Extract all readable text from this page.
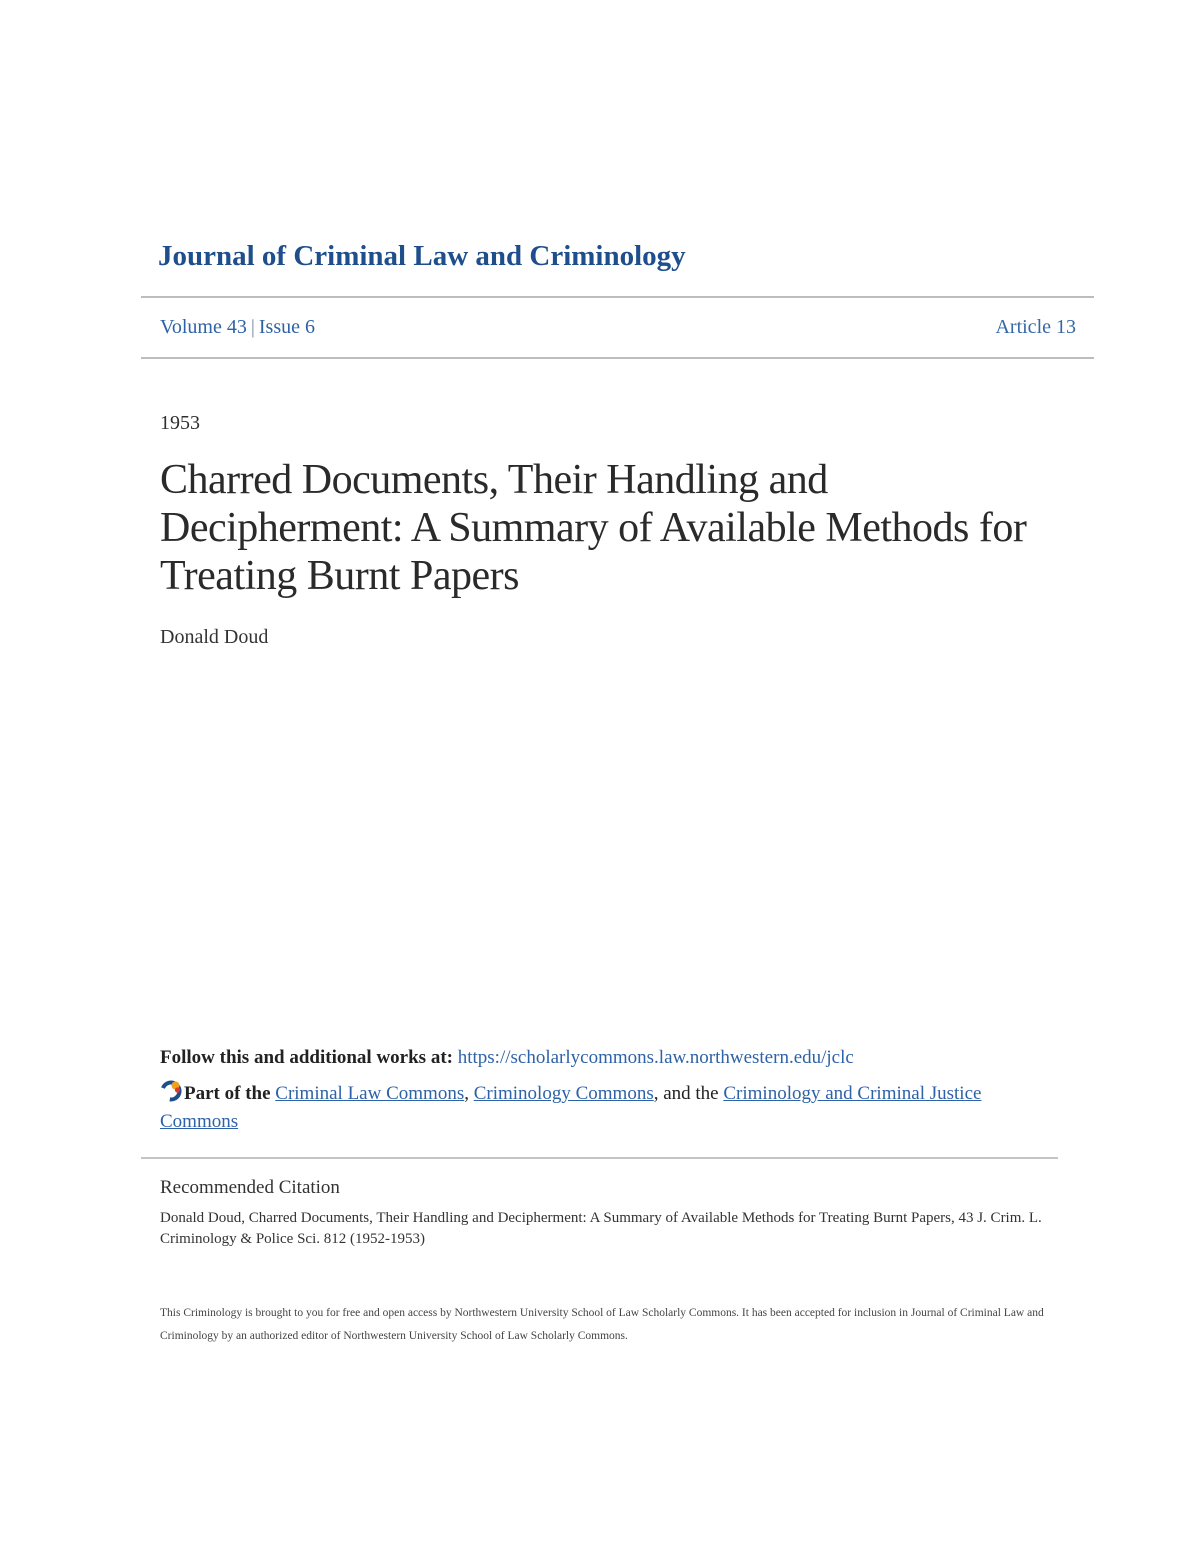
Journal of Criminal Law and Criminology
Volume 43 | Issue 6	Article 13
1953
Charred Documents, Their Handling and Decipherment: A Summary of Available Methods for Treating Burnt Papers
Donald Doud
Follow this and additional works at: https://scholarlycommons.law.northwestern.edu/jclc
Part of the Criminal Law Commons, Criminology Commons, and the Criminology and Criminal Justice Commons
Recommended Citation
Donald Doud, Charred Documents, Their Handling and Decipherment: A Summary of Available Methods for Treating Burnt Papers, 43 J. Crim. L. Criminology & Police Sci. 812 (1952-1953)
This Criminology is brought to you for free and open access by Northwestern University School of Law Scholarly Commons. It has been accepted for inclusion in Journal of Criminal Law and Criminology by an authorized editor of Northwestern University School of Law Scholarly Commons.
